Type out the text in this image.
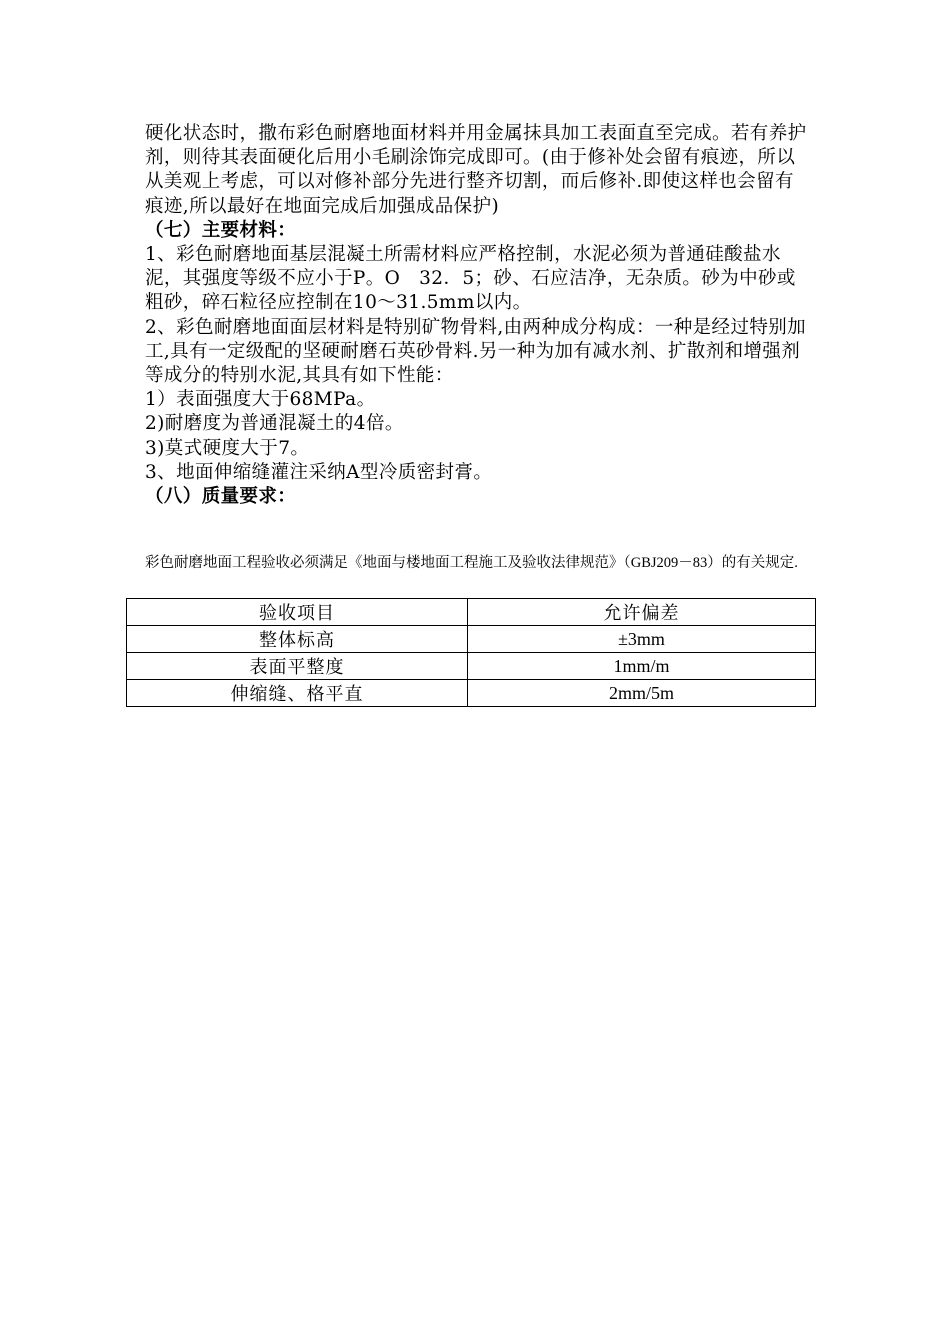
硬化状态时，撒布彩色耐磨地面材料并用金属抹具加工表面直至完成。若有养护剂，则待其表面硬化后用小毛刷涂饰完成即可。(由于修补处会留有痕迹，所以从美观上考虑，可以对修补部分先进行整齐切割，而后修补.即使这样也会留有痕迹,所以最好在地面完成后加强成品保护)

（七）主要材料：

1、彩色耐磨地面基层混凝土所需材料应严格控制，水泥必须为普通硅酸盐水泥，其强度等级不应小于P。O　32．5；砂、石应洁净，无杂质。砂为中砂或粗砂，碎石粒径应控制在10～31.5mm以内。

2、彩色耐磨地面面层材料是特别矿物骨料,由两种成分构成：一种是经过特别加工,具有一定级配的坚硬耐磨石英砂骨料.另一种为加有减水剂、扩散剂和增强剂等成分的特别水泥,其具有如下性能：

1）表面强度大于68MPa。

2)耐磨度为普通混凝土的4倍。

3)莫式硬度大于7。

3、地面伸缩缝灌注采纳A型冷质密封膏。

（八）质量要求：

彩色耐磨地面工程验收必须满足《地面与楼地面工程施工及验收法律规范》（GBJ209－83）的有关规定.

验收项目	允许偏差
整体标高	±3mm
表面平整度	1mm/m
伸缩缝、格平直	2mm/5m
